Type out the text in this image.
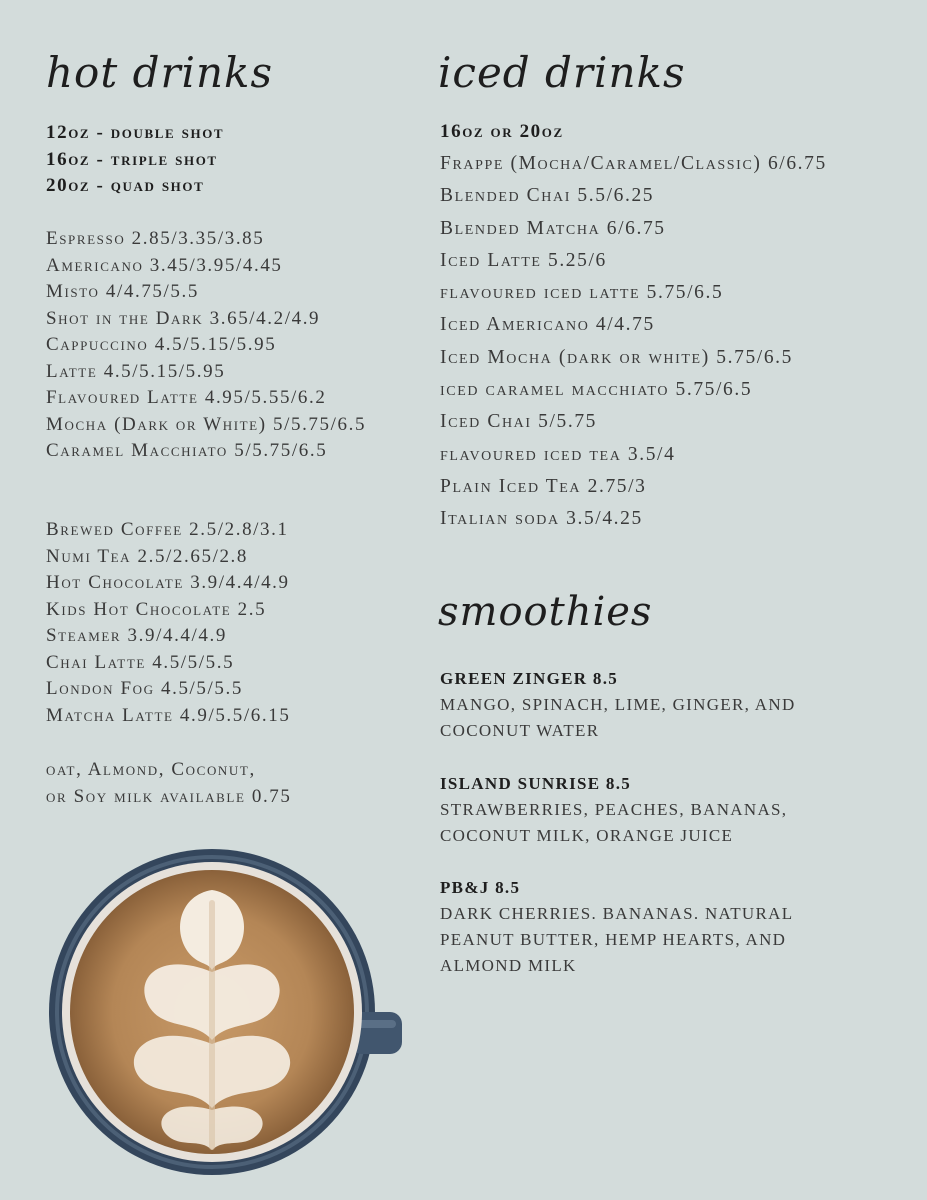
hot drinks
12oz - double shot
16oz - triple shot
20oz - quad shot
Espresso 2.85/3.35/3.85
Americano 3.45/3.95/4.45
Misto 4/4.75/5.5
Shot in the Dark 3.65/4.2/4.9
Cappuccino 4.5/5.15/5.95
Latte 4.5/5.15/5.95
Flavoured Latte 4.95/5.55/6.2
Mocha (Dark or White) 5/5.75/6.5
Caramel Macchiato 5/5.75/6.5
Brewed Coffee 2.5/2.8/3.1
Numi Tea 2.5/2.65/2.8
Hot Chocolate 3.9/4.4/4.9
Kids Hot Chocolate 2.5
Steamer 3.9/4.4/4.9
Chai Latte 4.5/5/5.5
London Fog 4.5/5/5.5
Matcha Latte 4.9/5.5/6.15
oat, Almond, Coconut,
or Soy milk available 0.75
iced drinks
16oz or 20oz
Frappe (Mocha/Caramel/Classic) 6/6.75
Blended Chai 5.5/6.25
Blended Matcha 6/6.75
Iced Latte 5.25/6
flavoured iced latte 5.75/6.5
Iced Americano 4/4.75
Iced Mocha (dark or white) 5.75/6.5
iced caramel macchiato 5.75/6.5
Iced Chai 5/5.75
flavoured iced tea 3.5/4
Plain Iced Tea 2.75/3
Italian soda 3.5/4.25
smoothies
GREEN ZINGER 8.5
MANGO, SPINACH, LIME, GINGER, AND
COCONUT WATER
ISLAND SUNRISE 8.5
STRAWBERRIES, PEACHES, BANANAS,
COCONUT MILK, ORANGE JUICE
PB&J 8.5
DARK CHERRIES. BANANAS. NATURAL
PEANUT BUTTER, HEMP HEARTS, AND
ALMOND MILK
